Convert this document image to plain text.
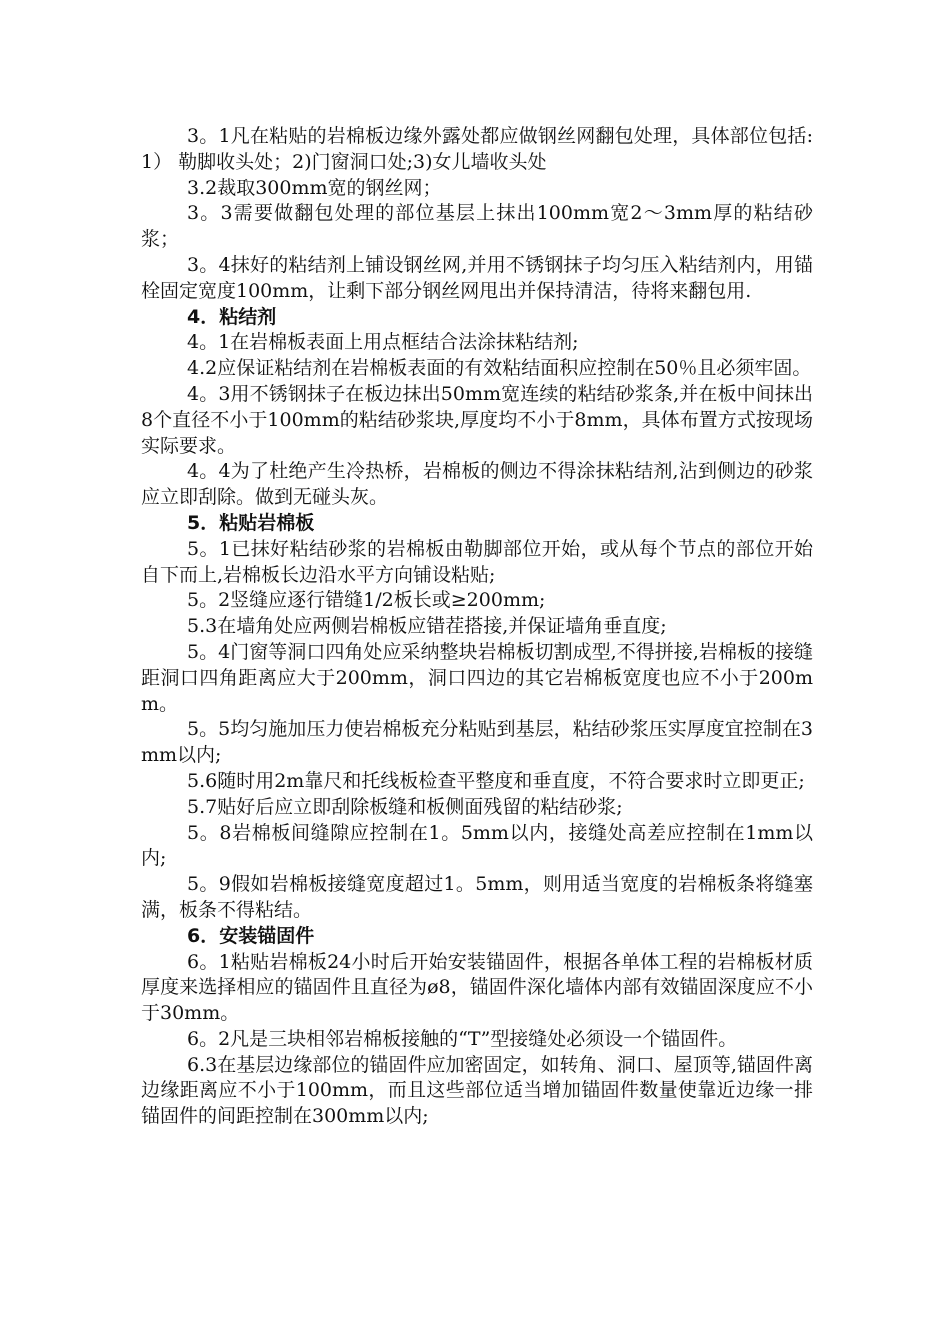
3。1凡在粘贴的岩棉板边缘外露处都应做钢丝网翻包处理，具体部位包括:1） 勒脚收头处；2)门窗洞口处;3)女儿墙收头处

3.2裁取300mm宽的钢丝网；

3。3需要做翻包处理的部位基层上抹出100mm宽2～3mm厚的粘结砂浆；

3。4抹好的粘结剂上铺设钢丝网,并用不锈钢抹子均匀压入粘结剂内，用锚栓固定宽度100mm，让剩下部分钢丝网甩出并保持清洁，待将来翻包用.

4．粘结剂

4。1在岩棉板表面上用点框结合法涂抹粘结剂;

4.2应保证粘结剂在岩棉板表面的有效粘结面积应控制在50％且必须牢固。

4。3用不锈钢抹子在板边抹出50mm宽连续的粘结砂浆条,并在板中间抹出8个直径不小于100mm的粘结砂浆块,厚度均不小于8mm，具体布置方式按现场实际要求。

4。4为了杜绝产生冷热桥，岩棉板的侧边不得涂抹粘结剂,沾到侧边的砂浆应立即刮除。做到无碰头灰。

5．粘贴岩棉板

5。1已抹好粘结砂浆的岩棉板由勒脚部位开始，或从每个节点的部位开始自下而上,岩棉板长边沿水平方向铺设粘贴;

5。2竖缝应逐行错缝1/2板长或≥200mm;

5.3在墙角处应两侧岩棉板应错茬搭接,并保证墙角垂直度;

5。4门窗等洞口四角处应采纳整块岩棉板切割成型,不得拼接,岩棉板的接缝距洞口四角距离应大于200mm，洞口四边的其它岩棉板宽度也应不小于200mm。

5。5均匀施加压力使岩棉板充分粘贴到基层，粘结砂浆压实厚度宜控制在3mm以内;

5.6随时用2m靠尺和托线板检查平整度和垂直度，不符合要求时立即更正;

5.7贴好后应立即刮除板缝和板侧面残留的粘结砂浆;

5。8岩棉板间缝隙应控制在1。5mm以内，接缝处高差应控制在1mm以内;

5。9假如岩棉板接缝宽度超过1。5mm，则用适当宽度的岩棉板条将缝塞满，板条不得粘结。

6．安装锚固件

6。1粘贴岩棉板24小时后开始安装锚固件，根据各单体工程的岩棉板材质厚度来选择相应的锚固件且直径为ø8，锚固件深化墙体内部有效锚固深度应不小于30mm。

6。2凡是三块相邻岩棉板接触的“T”型接缝处必须设一个锚固件。

6.3在基层边缘部位的锚固件应加密固定，如转角、洞口、屋顶等,锚固件离边缘距离应不小于100mm，而且这些部位适当增加锚固件数量使靠近边缘一排锚固件的间距控制在300mm以内;
